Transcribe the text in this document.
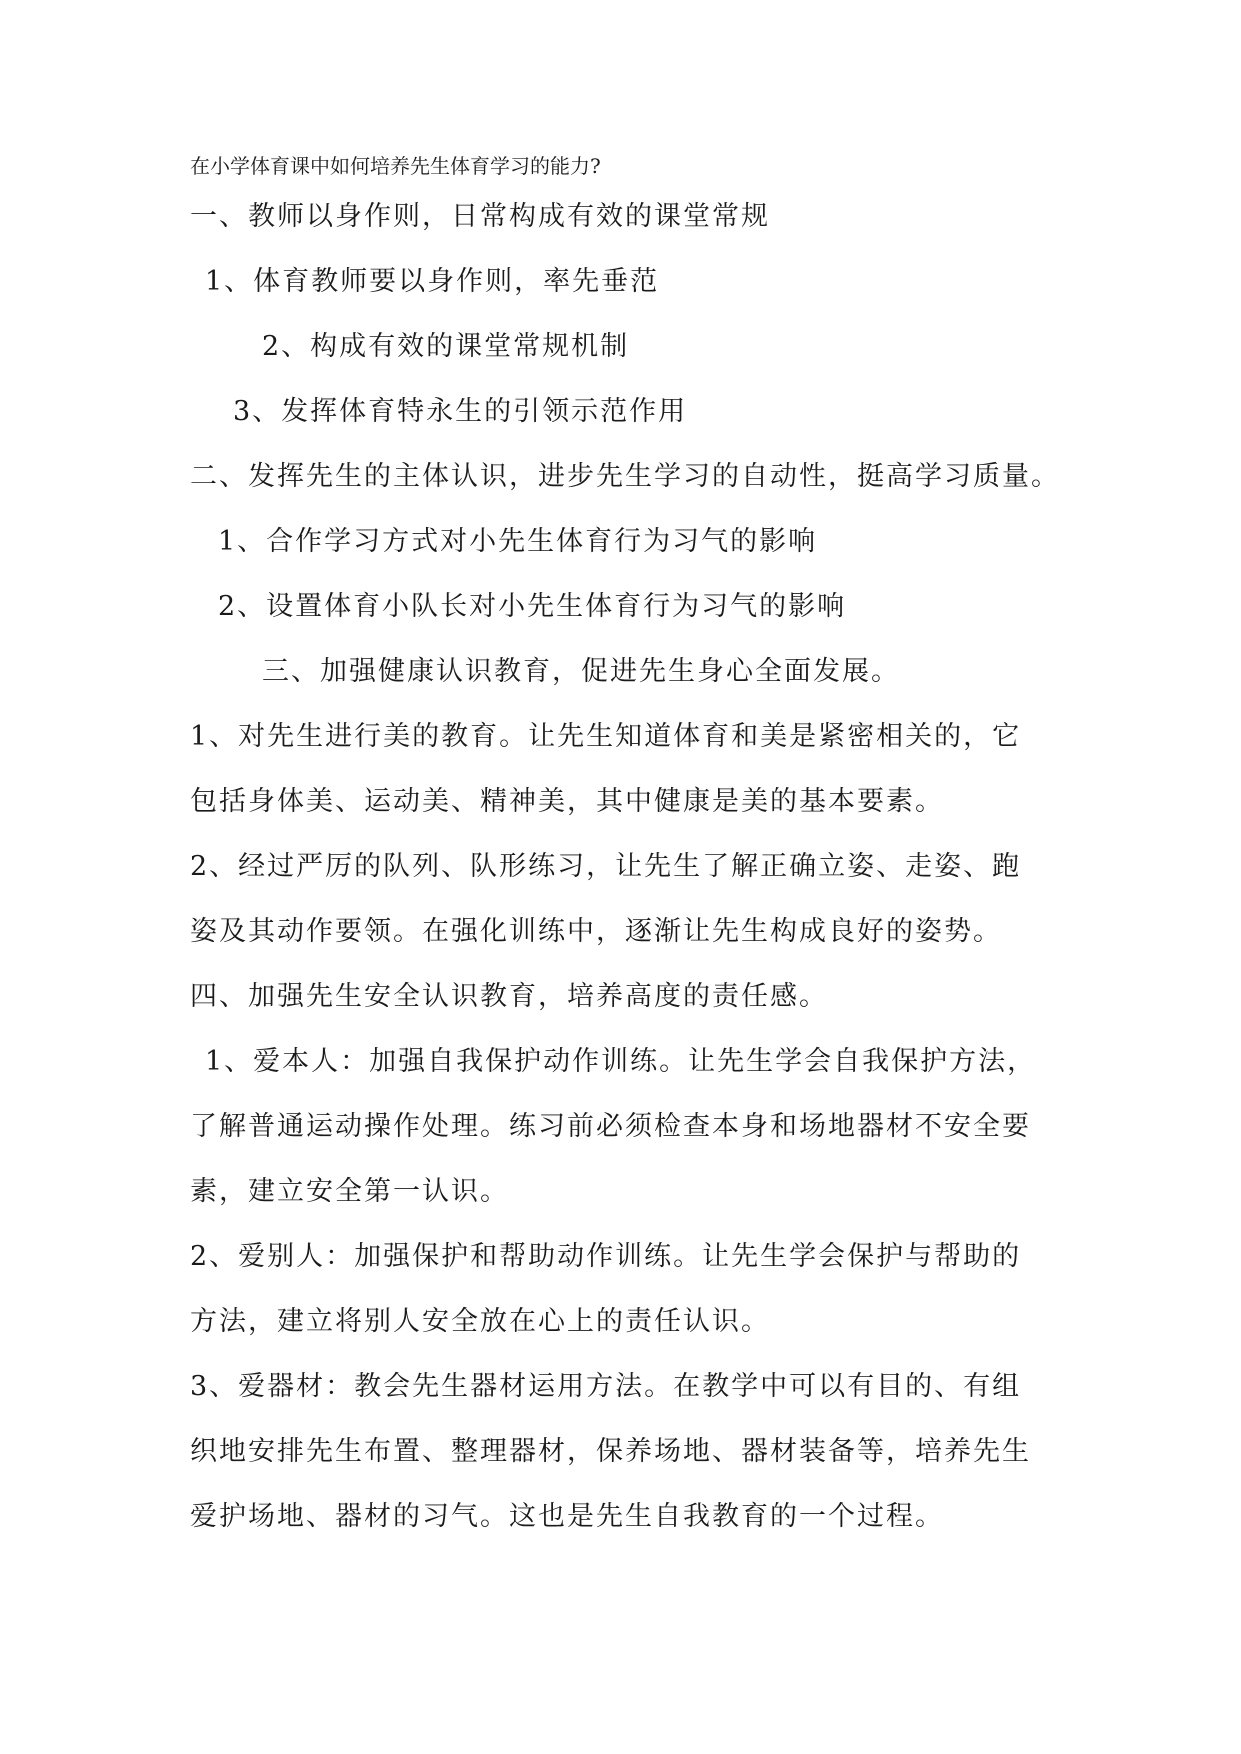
在小学体育课中如何培养先生体育学习的能力?
一、教师以身作则，日常构成有效的课堂常规
1、体育教师要以身作则，率先垂范
2、构成有效的课堂常规机制
3、发挥体育特永生的引领示范作用
二、发挥先生的主体认识，进步先生学习的自动性，挺高学习质量。
1、合作学习方式对小先生体育行为习气的影响
2、设置体育小队长对小先生体育行为习气的影响
三、加强健康认识教育，促进先生身心全面发展。
1、对先生进行美的教育。让先生知道体育和美是紧密相关的，它
包括身体美、运动美、精神美，其中健康是美的基本要素。
2、经过严厉的队列、队形练习，让先生了解正确立姿、走姿、跑
姿及其动作要领。在强化训练中，逐渐让先生构成良好的姿势。
四、加强先生安全认识教育，培养高度的责任感。
1、爱本人：加强自我保护动作训练。让先生学会自我保护方法，
了解普通运动操作处理。练习前必须检查本身和场地器材不安全要
素，建立安全第一认识。
2、爱别人：加强保护和帮助动作训练。让先生学会保护与帮助的
方法，建立将别人安全放在心上的责任认识。
3、爱器材：教会先生器材运用方法。在教学中可以有目的、有组
织地安排先生布置、整理器材，保养场地、器材装备等，培养先生
爱护场地、器材的习气。这也是先生自我教育的一个过程。
